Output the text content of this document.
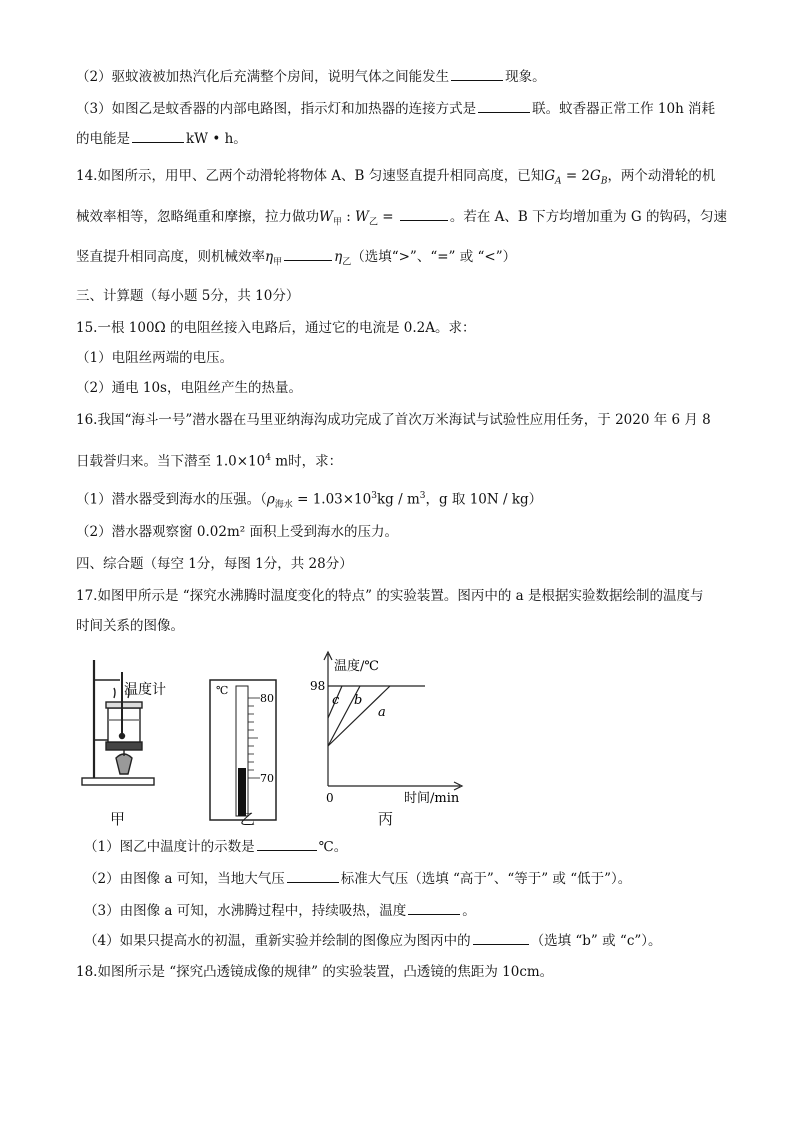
（2）驱蚊液被加热汽化后充满整个房间，说明气体之间能发生	现象。
（3）如图乙是蚊香器的内部电路图，指示灯和加热器的连接方式是	联。蚊香器正常工作 10h 消耗
的电能是	kW • h。
14.如图所示，用甲、乙两个动滑轮将物体 A、B 匀速竖直提升相同高度，已知$G_A = 2G_B$，两个动滑轮的机
械效率相等，忽略绳重和摩擦，拉力做功$W_甲$ : $W_乙$ =	。若在 A、B 下方均增加重为 G 的钩码，匀速
竖直提升相同高度，则机械效率$\eta_甲$	$\eta_乙$（选填“>”、“=” 或 “<”）
三、计算题（每小题 5分，共 10分）
15.一根 100Ω 的电阻丝接入电路后，通过它的电流是 0.2A。求：
（1）电阻丝两端的电压。
（2）通电 10s，电阻丝产生的热量。
16.我国“海斗一号”潜水器在马里亚纳海沟成功完成了首次万米海试与试验性应用任务，于 2020 年 6 月 8
日载誉归来。当下潜至 $1.0\times 10^4$ m时，求：
（1）潜水器受到海水的压强。（$\rho_{海水} = 1.03\times 10^3kg / m^3$，g 取 10N / kg）
（2）潜水器观察窗 0.02m² 面积上受到海水的压力。
四、综合题（每空 1分，每图 1分，共 28分）
17.如图甲所示是 “探究水沸腾时温度变化的特点” 的实验装置。图丙中的 a 是根据实验数据绘制的温度与
时间关系的图像。
温度计	℃
80
70
温度/℃
98
0	时间/min
a
b
c
甲	乙	丙
（1）图乙中温度计的示数是	℃。
（2）由图像 a 可知，当地大气压	标准大气压（选填 “高于”、“等于” 或 “低于”）。
（3）由图像 a 可知，水沸腾过程中，持续吸热，温度	。
（4）如果只提高水的初温，重新实验并绘制的图像应为图丙中的	（选填 “b” 或 “c”）。
18.如图所示是 “探究凸透镜成像的规律” 的实验装置，凸透镜的焦距为 10cm。
